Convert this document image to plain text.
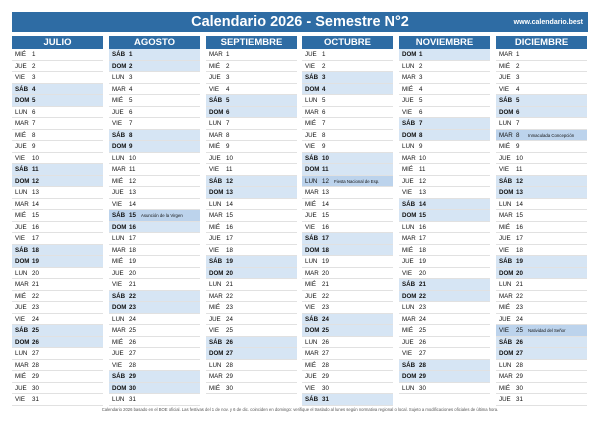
Calendario 2026 - Semestre N°2	www.calendario.best
JULIO
MIÉ 1
JUE 2
VIE 3
SÁB 4
DOM 5
LUN 6
MAR 7
MIÉ 8
JUE 9
VIE 10
SÁB 11
DOM 12
LUN 13
MAR 14
MIÉ 15
JUE 16
VIE 17
SÁB 18
DOM 19
LUN 20
MAR 21
MIÉ 22
JUE 23
VIE 24
SÁB 25
DOM 26
LUN 27
MAR 28
MIÉ 29
JUE 30
VIE 31
AGOSTO
SÁB 1
DOM 2
LUN 3
MAR 4
MIÉ 5
JUE 6
VIE 7
SÁB 8
DOM 9
LUN 10
MAR 11
MIÉ 12
JUE 13
VIE 14
SÁB 15 Asunción de la Virgen
DOM 16
LUN 17
MAR 18
MIÉ 19
JUE 20
VIE 21
SÁB 22
DOM 23
LUN 24
MAR 25
MIÉ 26
JUE 27
VIE 28
SÁB 29
DOM 30
LUN 31
SEPTIEMBRE
MAR 1
MIÉ 2
JUE 3
VIE 4
SÁB 5
DOM 6
LUN 7
MAR 8
MIÉ 9
JUE 10
VIE 11
SÁB 12
DOM 13
LUN 14
MAR 15
MIÉ 16
JUE 17
VIE 18
SÁB 19
DOM 20
LUN 21
MAR 22
MIÉ 23
JUE 24
VIE 25
SÁB 26
DOM 27
LUN 28
MAR 29
MIÉ 30
OCTUBRE
JUE 1
VIE 2
SÁB 3
DOM 4
LUN 5
MAR 6
MIÉ 7
JUE 8
VIE 9
SÁB 10
DOM 11
LUN 12 Fiesta Nacional de Esp.
MAR 13
MIÉ 14
JUE 15
VIE 16
SÁB 17
DOM 18
LUN 19
MAR 20
MIÉ 21
JUE 22
VIE 23
SÁB 24
DOM 25
LUN 26
MAR 27
MIÉ 28
JUE 29
VIE 30
SÁB 31
NOVIEMBRE
DOM 1
LUN 2
MAR 3
MIÉ 4
JUE 5
VIE 6
SÁB 7
DOM 8
LUN 9
MAR 10
MIÉ 11
JUE 12
VIE 13
SÁB 14
DOM 15
LUN 16
MAR 17
MIÉ 18
JUE 19
VIE 20
SÁB 21
DOM 22
LUN 23
MAR 24
MIÉ 25
JUE 26
VIE 27
SÁB 28
DOM 29
LUN 30
DICIEMBRE
MAR 1
MIÉ 2
JUE 3
VIE 4
SÁB 5
DOM 6
LUN 7
MAR 8 Inmaculada Concepción
MIÉ 9
JUE 10
VIE 11
SÁB 12
DOM 13
LUN 14
MAR 15
MIÉ 16
JUE 17
VIE 18
SÁB 19
DOM 20
LUN 21
MAR 22
MIÉ 23
JUE 24
VIE 25 Natividad del Señor
SÁB 26
DOM 27
LUN 28
MAR 29
MIÉ 30
JUE 31
Calendario 2026 basado en el BOE oficial. Las festivas del 1 de nov. y 6 de dic. coinciden en domingo: verifique el traslado al lunes según normativa regional o local. Sujeto a modificaciones oficiales de última hora.
